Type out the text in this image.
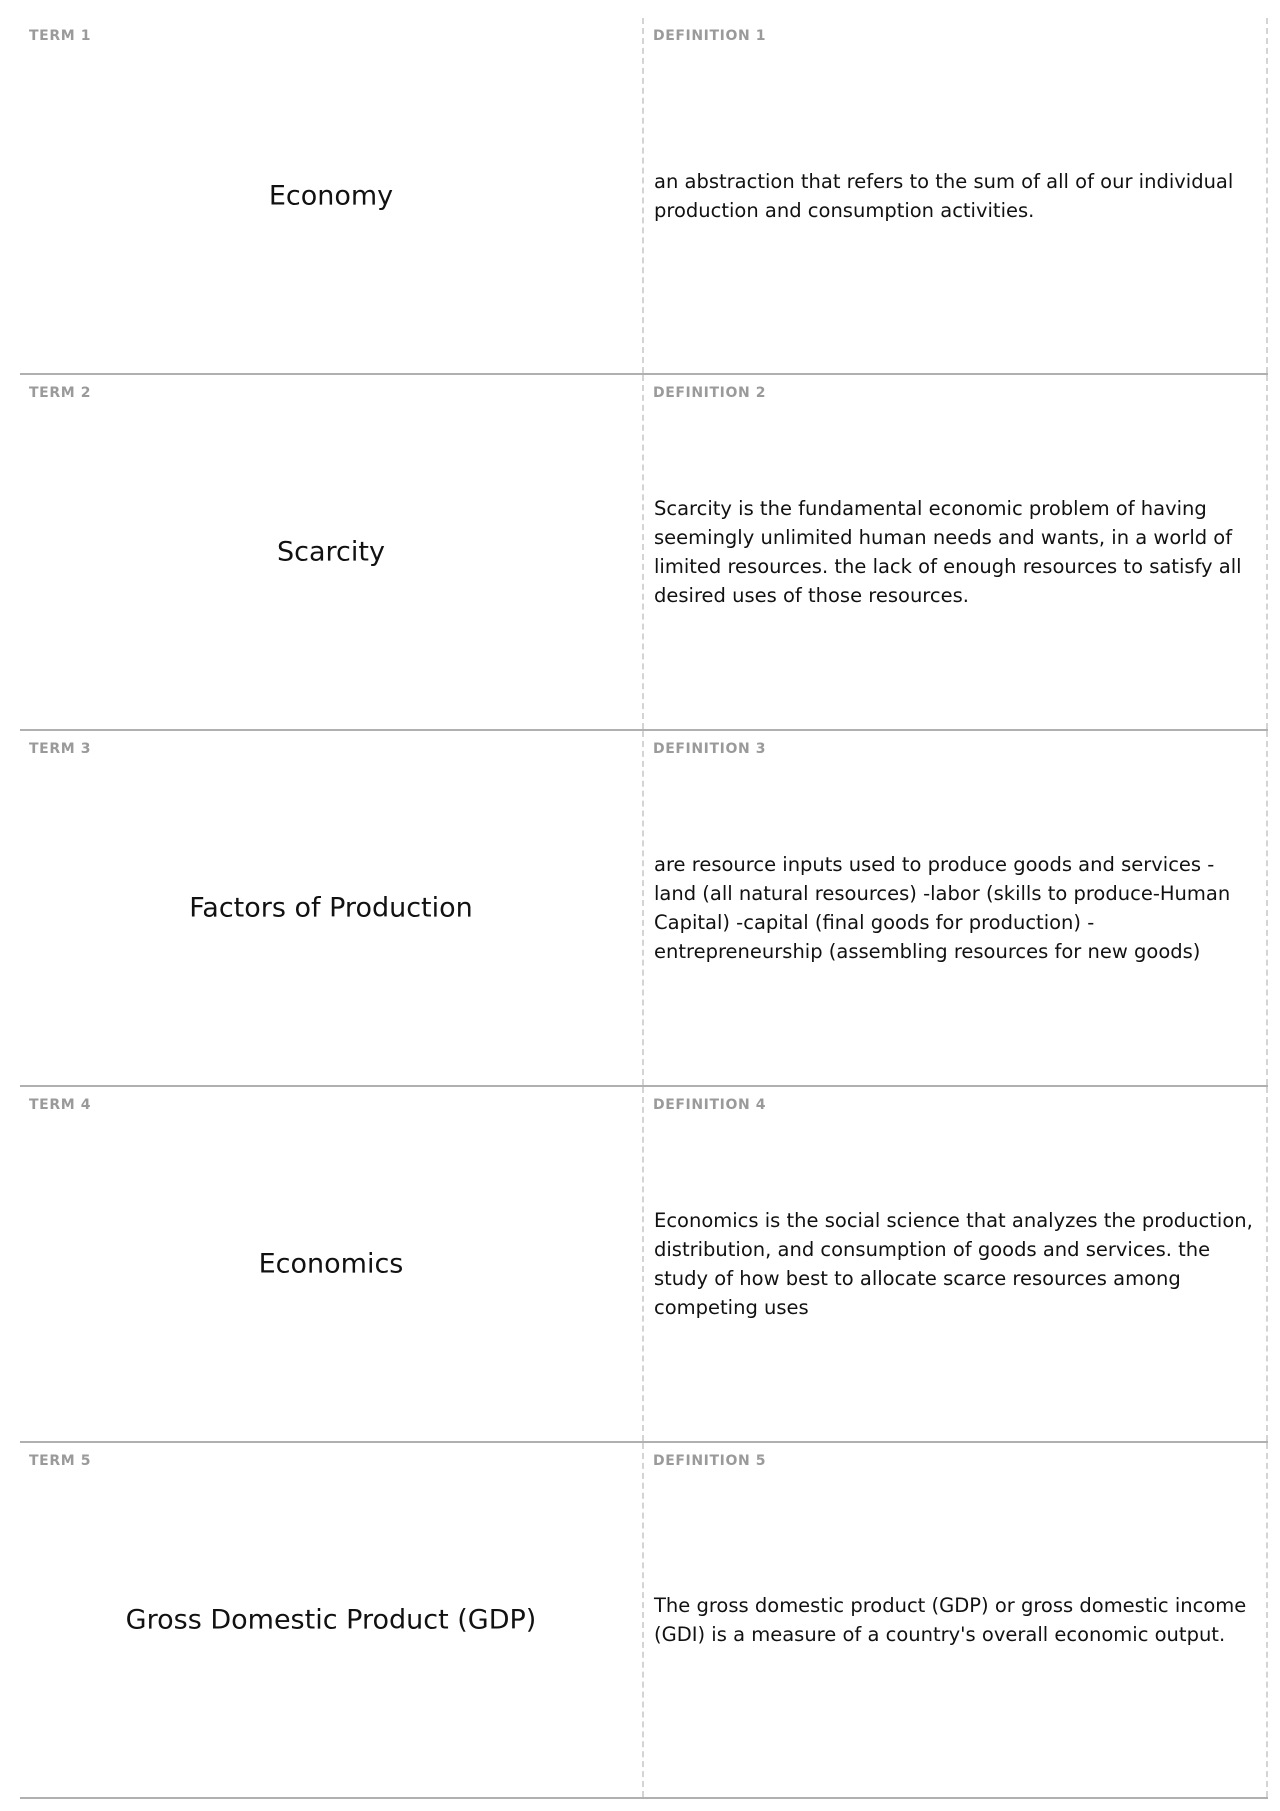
TERM 1
Economy
DEFINITION 1
an abstraction that refers to the sum of all of our individual production and consumption activities.
TERM 2
Scarcity
DEFINITION 2
Scarcity is the fundamental economic problem of having seemingly unlimited human needs and wants, in a world of limited resources. the lack of enough resources to satisfy all desired uses of those resources.
TERM 3
Factors of Production
DEFINITION 3
are resource inputs used to produce goods and services -land (all natural resources) -labor (skills to produce-Human Capital) -capital (final goods for production) -entrepreneurship (assembling resources for new goods)
TERM 4
Economics
DEFINITION 4
Economics is the social science that analyzes the production, distribution, and consumption of goods and services. the study of how best to allocate scarce resources among competing uses
TERM 5
Gross Domestic Product (GDP)
DEFINITION 5
The gross domestic product (GDP) or gross domestic income (GDI) is a measure of a country's overall economic output.
